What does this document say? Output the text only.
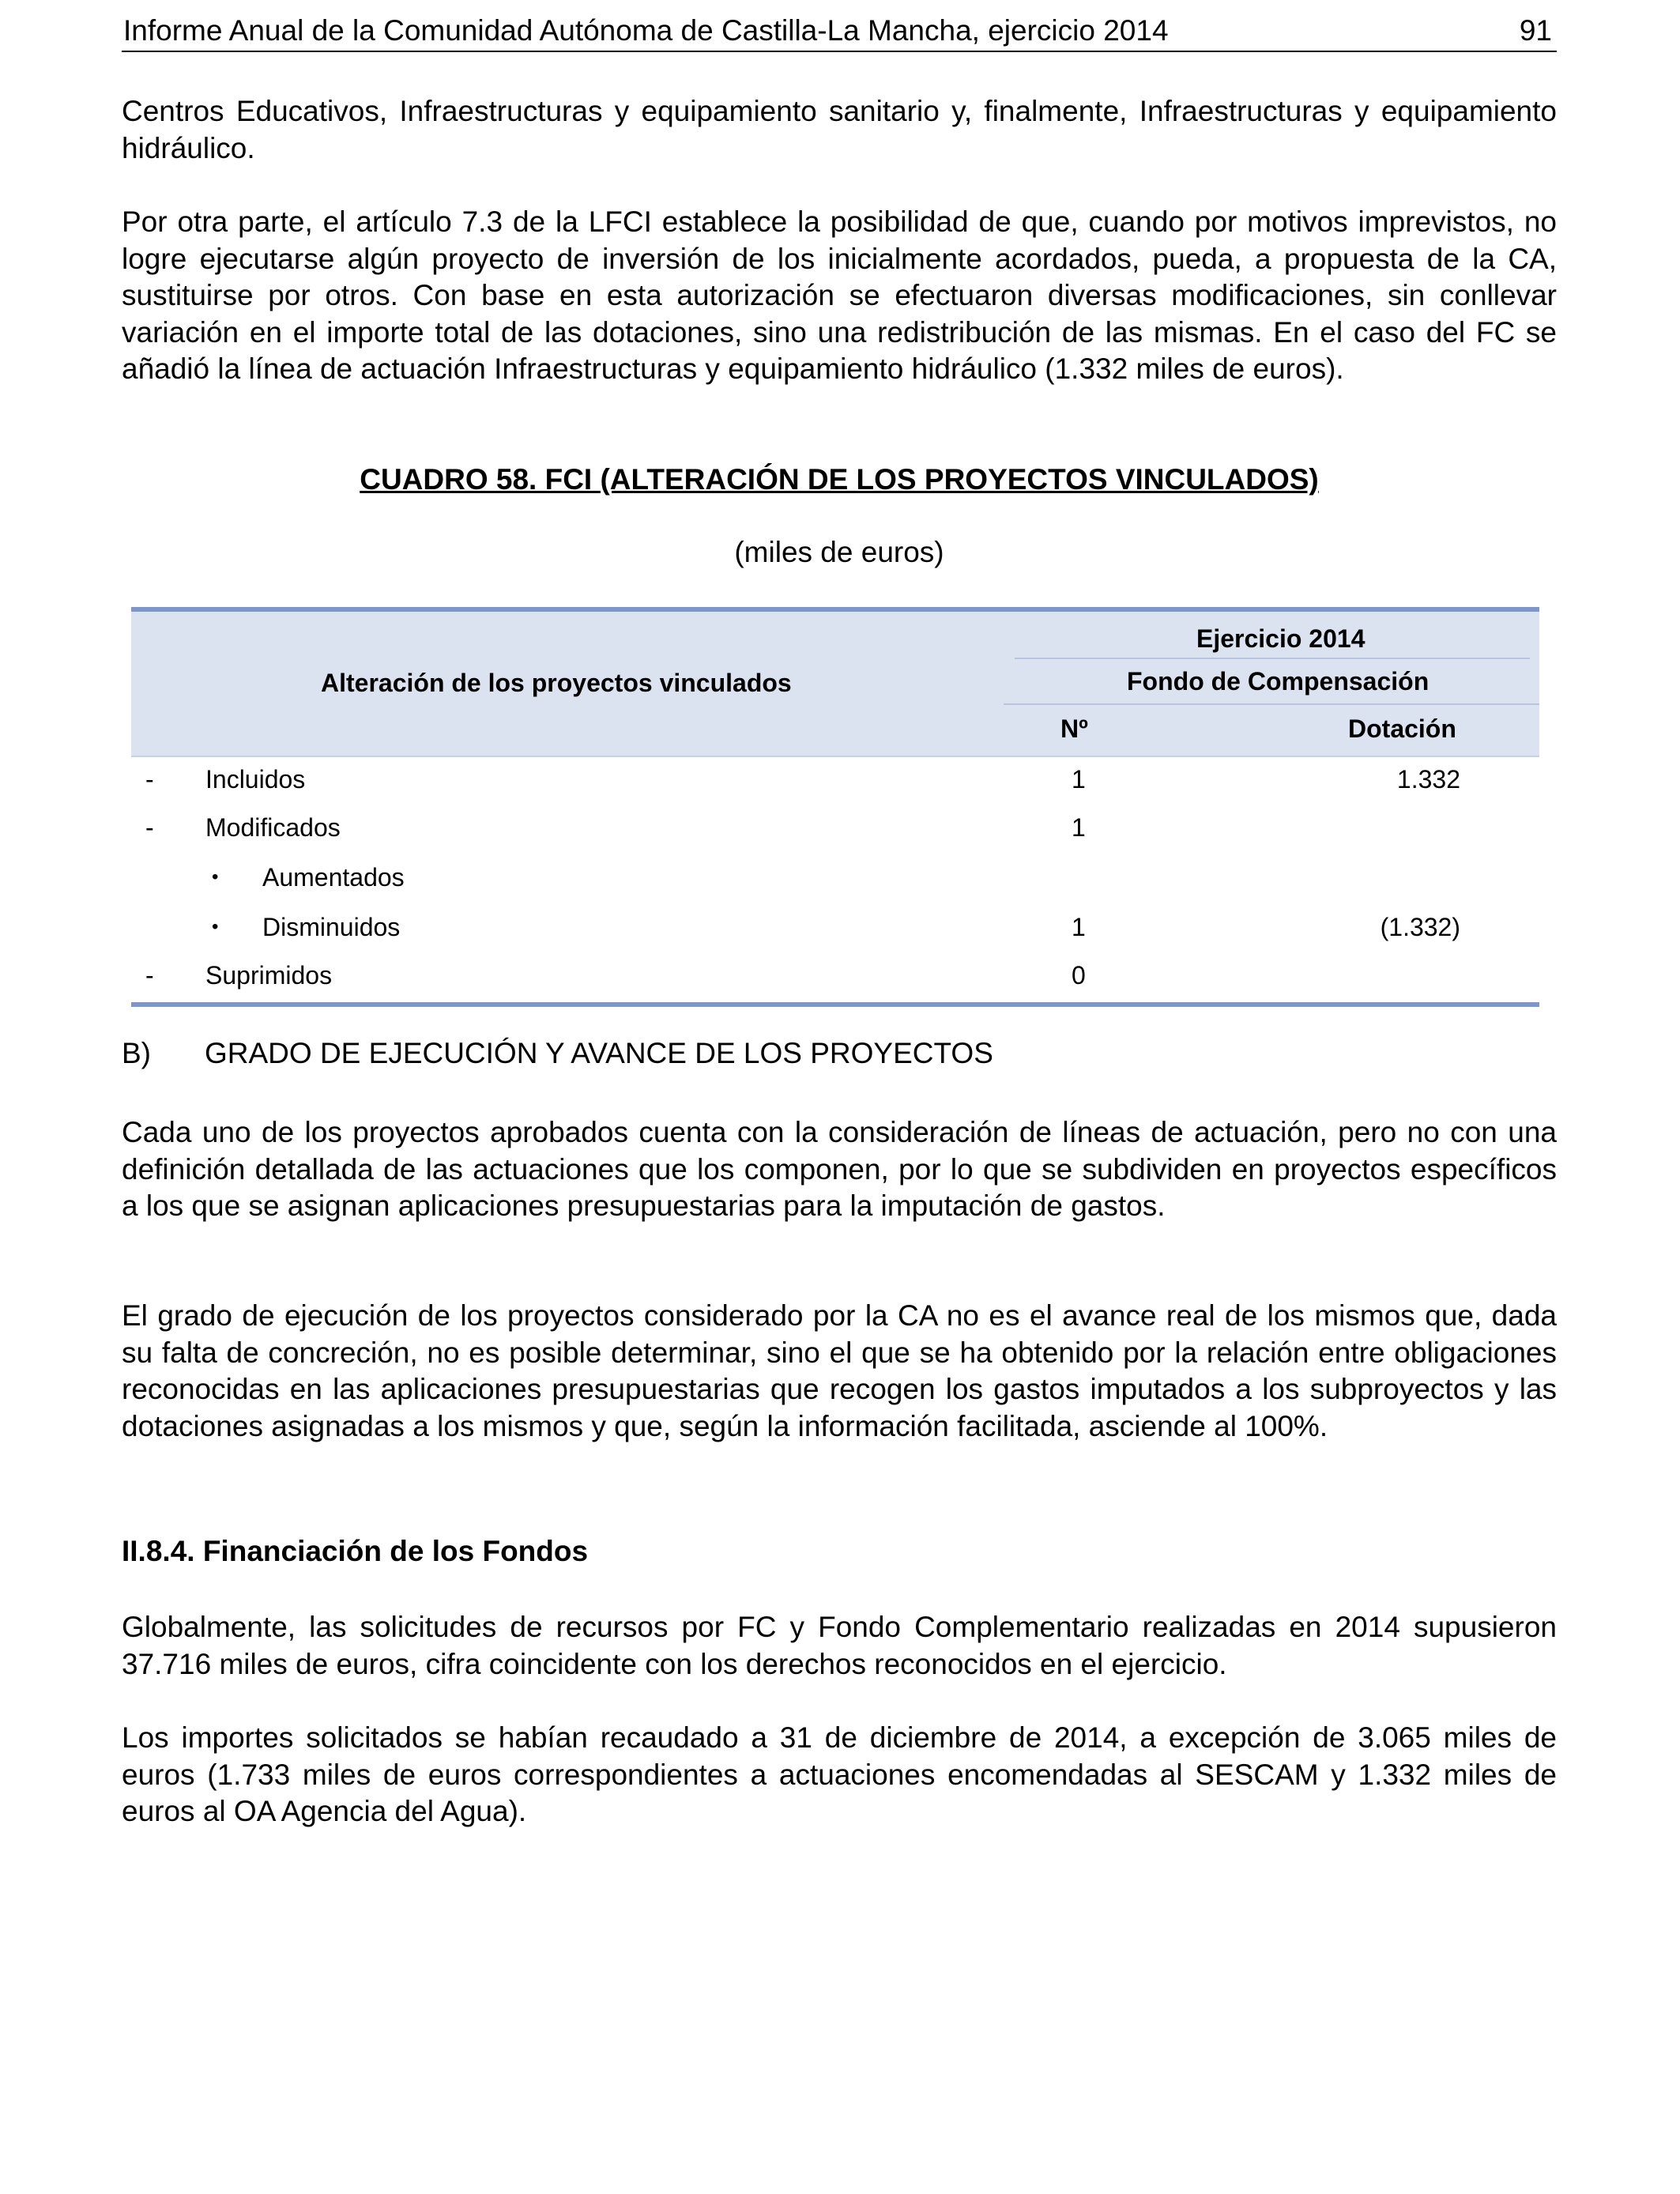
Informe Anual de la Comunidad Autónoma de Castilla-La Mancha, ejercicio 2014	91

Centros Educativos, Infraestructuras y equipamiento sanitario y, finalmente, Infraestructuras y equipamiento hidráulico.

Por otra parte, el artículo 7.3 de la LFCI establece la posibilidad de que, cuando por motivos imprevistos, no logre ejecutarse algún proyecto de inversión de los inicialmente acordados, pueda, a propuesta de la CA, sustituirse por otros. Con base en esta autorización se efectuaron diversas modificaciones, sin conllevar variación en el importe total de las dotaciones, sino una redistribución de las mismas. En el caso del FC se añadió la línea de actuación Infraestructuras y equipamiento hidráulico (1.332 miles de euros).

CUADRO 58. FCI (ALTERACIÓN DE LOS PROYECTOS VINCULADOS)

(miles de euros)

Alteración de los proyectos vinculados
Ejercicio 2014
Fondo de Compensación
Nº	Dotación
- Incluidos	1	1.332
- Modificados	1
• Aumentados
• Disminuidos	1	(1.332)
- Suprimidos	0
B) GRADO DE EJECUCIÓN Y AVANCE DE LOS PROYECTOS

Cada uno de los proyectos aprobados cuenta con la consideración de líneas de actuación, pero no con una definición detallada de las actuaciones que los componen, por lo que se subdividen en proyectos específicos a los que se asignan aplicaciones presupuestarias para la imputación de gastos.

El grado de ejecución de los proyectos considerado por la CA no es el avance real de los mismos que, dada su falta de concreción, no es posible determinar, sino el que se ha obtenido por la relación entre obligaciones reconocidas en las aplicaciones presupuestarias que recogen los gastos imputados a los subproyectos y las dotaciones asignadas a los mismos y que, según la información facilitada, asciende al 100%.

II.8.4. Financiación de los Fondos

Globalmente, las solicitudes de recursos por FC y Fondo Complementario realizadas en 2014 supusieron 37.716 miles de euros, cifra coincidente con los derechos reconocidos en el ejercicio.

Los importes solicitados se habían recaudado a 31 de diciembre de 2014, a excepción de 3.065 miles de euros (1.733 miles de euros correspondientes a actuaciones encomendadas al SESCAM y 1.332 miles de euros al OA Agencia del Agua).
